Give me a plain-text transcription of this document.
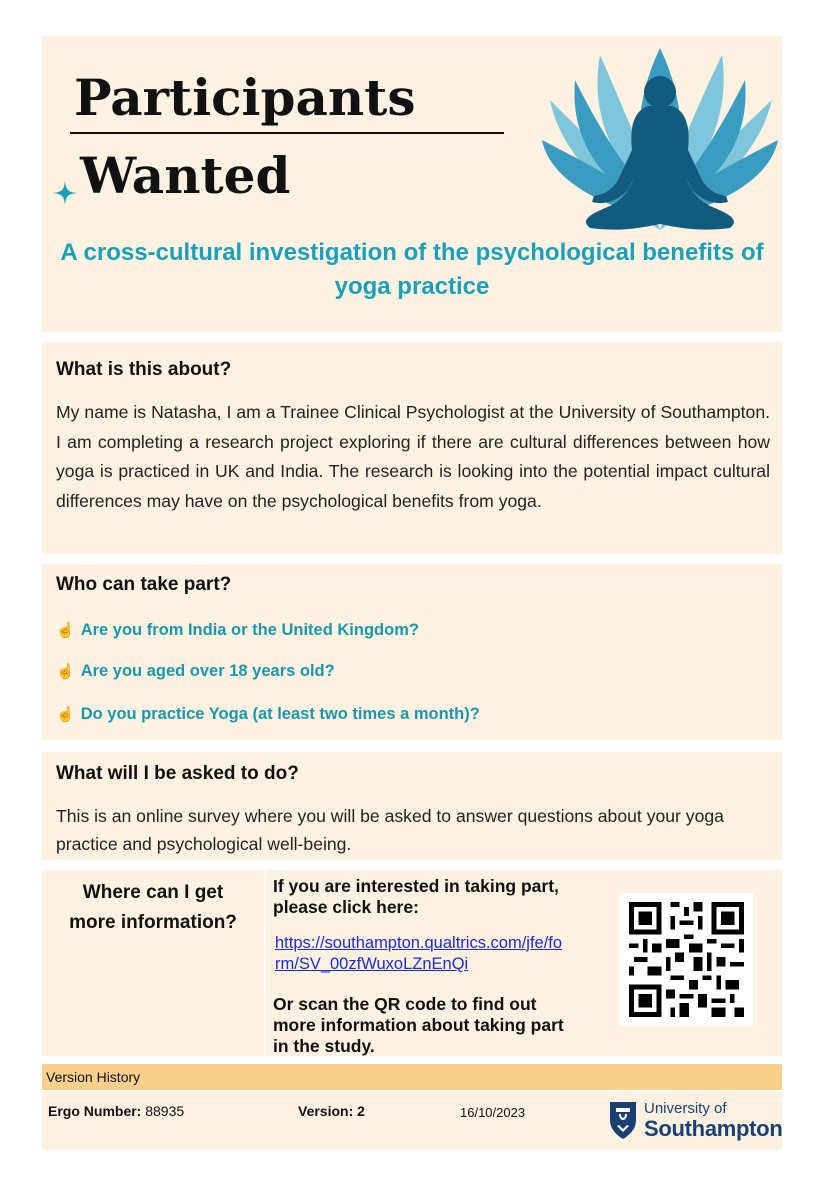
Participants
Wanted
A cross-cultural investigation of the psychological benefits of yoga practice
What is this about?
My name is Natasha, I am a Trainee Clinical Psychologist at the University of Southampton. I am completing a research project exploring if there are cultural differences between how yoga is practiced in UK and India. The research is looking into the potential impact cultural differences may have on the psychological benefits from yoga.
Who can take part?
☝ Are you from India or the United Kingdom?
☝ Are you aged over 18 years old?
☝ Do you practice Yoga (at least two times a month)?
What will I be asked to do?
This is an online survey where you will be asked to answer questions about your yoga practice and psychological well-being.
Where can I get
more information?
If you are interested in taking part,
please click here:
https://southampton.qualtrics.com/jfe/fo
rm/SV_00zfWuxoLZnEnQi
Or scan the QR code to find out
more information about taking part
in the study.
Version History
Ergo Number: 88935	Version: 2	16/10/2023	University of
Southampton
